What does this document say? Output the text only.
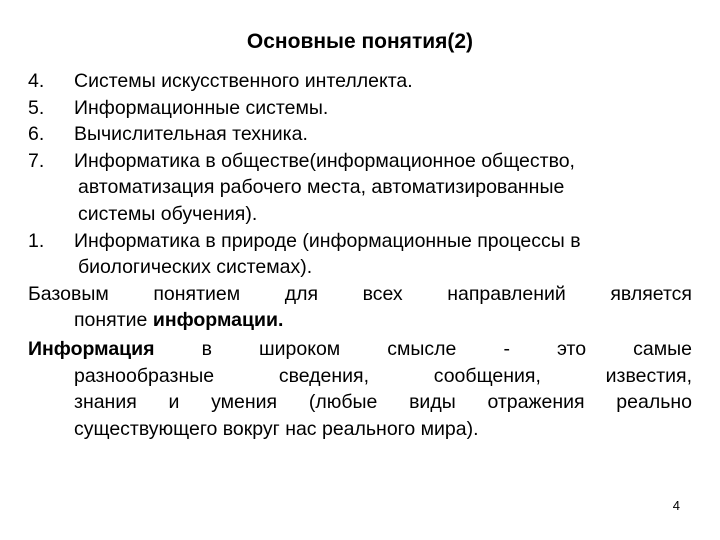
Основные понятия(2)
4.	Системы искусственного интеллекта.
5.	Информационные системы.
6.	Вычислительная техника.
7.	Информатика в обществе(информационное общество,
автоматизация рабочего места, автоматизированные
системы обучения).
1.	Информатика в природе (информационные процессы в
биологических системах).
Базовым понятием для всех направлений является
понятие информации.
Информация в широком смысле - это самые
разнообразные сведения, сообщения, известия,
знания и умения (любые виды отражения реально
существующего вокруг нас реального мира).
4
